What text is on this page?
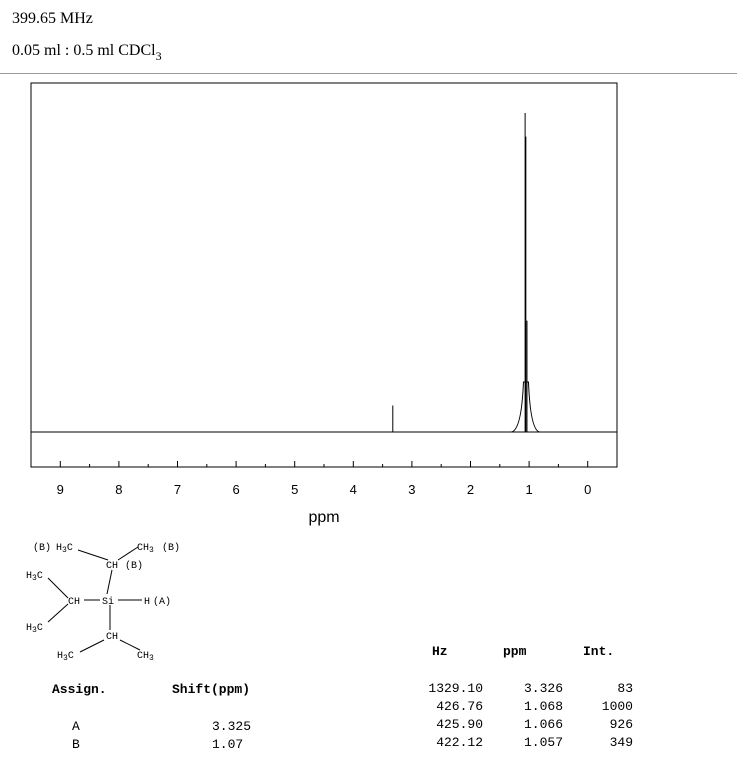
399.65 MHz
0.05 ml : 0.5 ml CDCl$_3$
9	8	7	6	5	4	3	2	1	0
ppm
(B) $H_3C$	$CH_3$ (B)
CH (B)
$H_3C$
CH Si	H (A)
$H_3C$
CH
$H_3C$	$CH_3$
Assign.	Shift(ppm)
A	3.325
B	1.07
Hz	ppm	Int.
1329.10	3.326	83
426.76	1.068	1000
425.90	1.066	926
422.12	1.057	349
